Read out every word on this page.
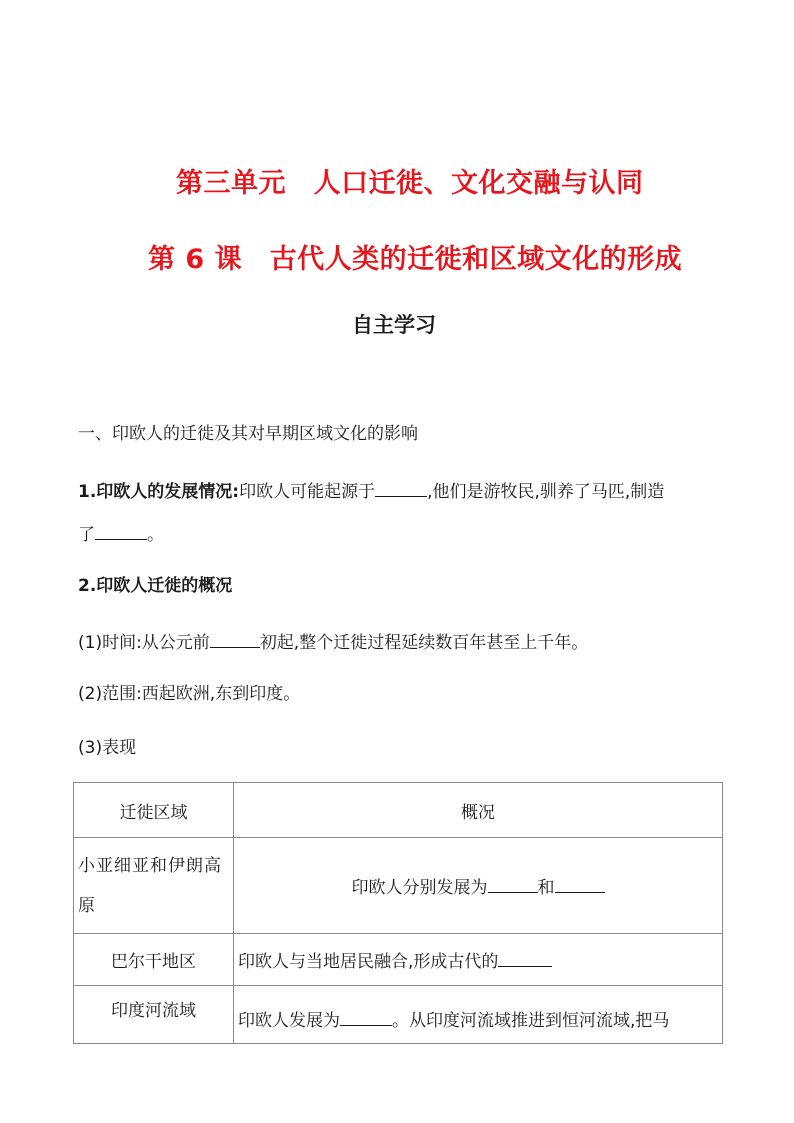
第三单元　人口迁徙、文化交融与认同
第 6 课　古代人类的迁徙和区域文化的形成
自主学习
一、印欧人的迁徙及其对早期区域文化的影响
1.印欧人的发展情况:印欧人可能起源于	,他们是游牧民,驯养了马匹,制造
了	。
2.印欧人迁徙的概况
(1)时间:从公元前	初起,整个迁徙过程延续数百年甚至上千年。
(2)范围:西起欧洲,东到印度。
(3)表现
迁徙区域	概况
小亚细亚和伊朗高原	印欧人分别发展为 和
巴尔干地区	印欧人与当地居民融合,形成古代的
印度河流域	印欧人发展为 。从印度河流域推进到恒河流域,把马
